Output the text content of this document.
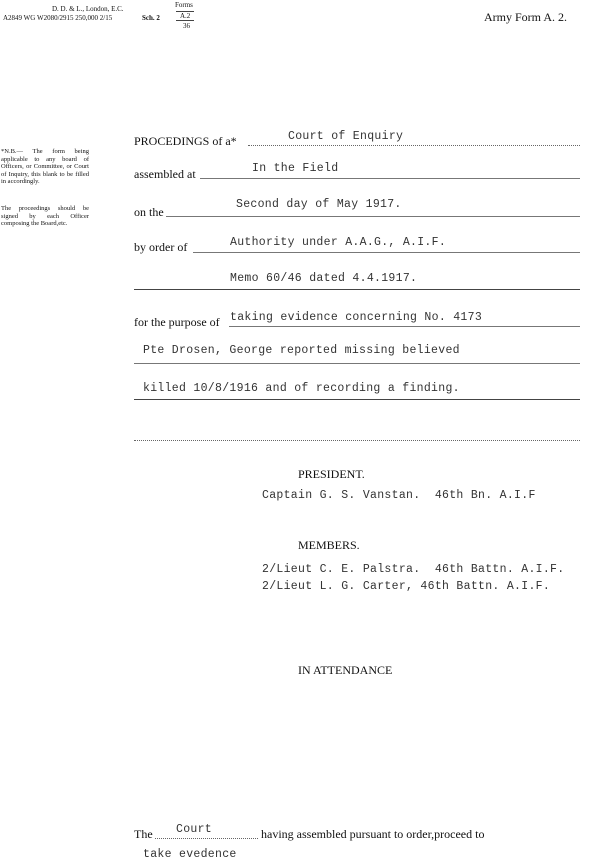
D. D. & L., London, E.C.
A2849 WG W2080/2915 250,000 2/15	Sch. 2
Forms
A.2
36
Army Form A. 2.
*N.B.— The form being applicable to any board of Officers, or Committee, or Court of Inquiry, this blank to be filled in accordingly.
The proceedings should be signed by each Officer composing the Board,etc.
PROCEDINGS of a*	Court of Enquiry
assembled at	In the Field
on the
Second day of May 1917.
by order of	Authority under A.A.G., A.I.F.
Memo 60/46 dated 4.4.1917.
for the purpose of taking evidence concerning No. 4173
Pte Drosen, George reported missing believed
killed 10/8/1916 and of recording a finding.
PRESIDENT.
Captain G. S. Vanstan.  46th Bn. A.I.F
MEMBERS.
2/Lieut C. E. Palstra.  46th Battn. A.I.F.
2/Lieut L. G. Carter, 46th Battn. A.I.F.
IN ATTENDANCE
The Court	having assembled pursuant to order,proceed to
take evedence
